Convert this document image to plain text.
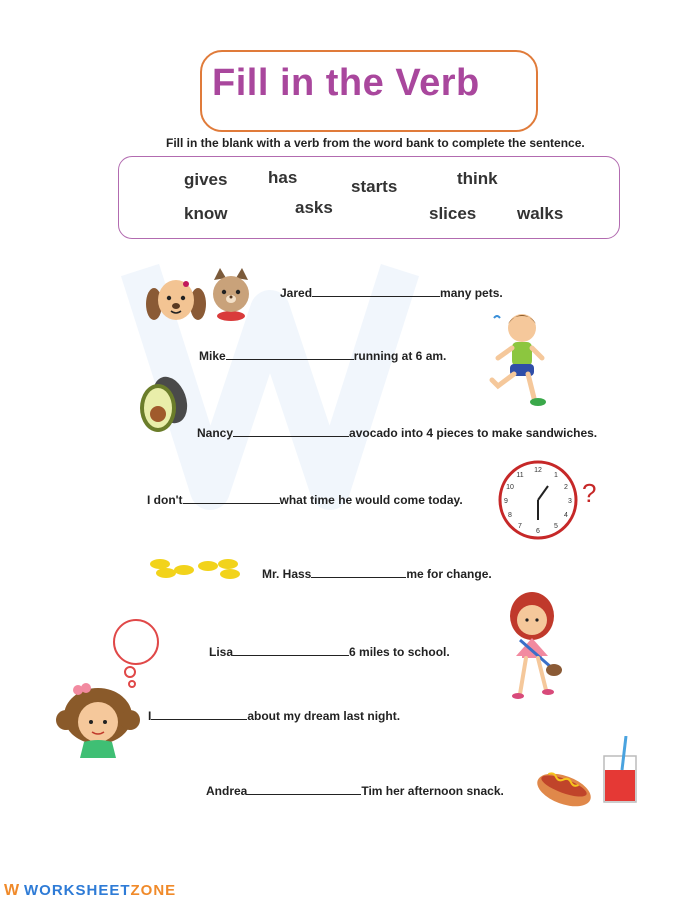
Fill in the Verb
Fill in the blank with a verb from the word bank to complete the sentence.
gives has	starts	think
know	asks	slices walks
Jared	many pets.
Mike	running at 6 am.
Nancy	avocado into 4 pieces to make sandwiches.
I don't	what time he would come today.
Mr. Hass	me for change.
Lisa	6 miles to school.
I	about my dream last night.
Andrea	Tim her afternoon snack.
12
1
2
3
4
5
6
7
8
9
10
11
?
W WORKSHEETZONE
